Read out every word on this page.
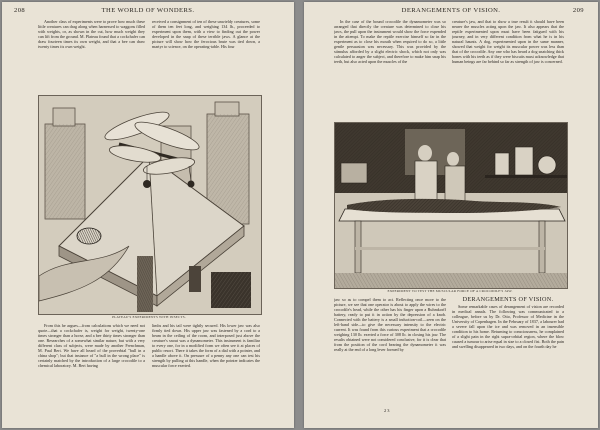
208	THE WORLD OF WONDERS.

Another class of experiments were to prove how much these little creatures can drag along when harnessed to waggons filled with weights, or, as shown in the cut, how much weight they can lift from the ground. M. Plateau found that a cockchafer can draw fourteen times its own weight, and that a bee can draw twenty times its own weight.

received a consignment of ten of these unwieldy creatures, some of them ten feet long, and weighing 134 lb., proceeded to experiment upon them, with a view to finding out the power developed in the snap of these terrible jaws. A glance at the picture will show how the ferocious brute was tied down, a martyr to science, on the operating-table. His four

PLATEAU'S EXPERIMENTS WITH INSECTS.

From this he argues—from calculations which we need not quote—that a cockchafer is, weight for weight, twenty-one times stronger than a horse, and a bee thirty times stronger than one. Researches of a somewhat similar nature, but with a very different class of subjects, were made by another Frenchman, M. Paul Bert. We have all heard of the proverbial "bull in a china shop"; but that instance of "a bull in the wrong place" is certainly matched by the introduction of a large crocodile to a chemical laboratory. M. Bert having

limbs and his tail were tightly secured. His lower jaw was also firmly tied down. His upper jaw was fastened by a cord to a beam in the ceiling of the room, and interposed just above the creature's snout was a dynamometer. This instrument is familiar to every one, for in a modified form we often see it at places of public resort. There it takes the form of a dial with a pointer, and a handle above it. On pressure of a penny any one can test his strength by pulling at this handle, when the pointer indicates the muscular force exerted.

DERANGEMENTS OF VISION.	209

In the case of the bound crocodile the dynamometer was so arranged that directly the creature was determined to close his jaws, the pull upon the instrument would show the force expended in the attempt. To make the reptile exercise himself so far in the experiment as to close his mouth when required to do so, a little gentle persuasion was necessary. This was provided by the stimulus afforded by a slight electric shock, which not only was calculated to anger the subject, and therefore to make him snap his teeth, but also acted upon the muscles of the

creature's jaw, and that to show a true result it should have been nearer the muscles acting upon the jaw. It also appears that the reptile experimented upon must have been fatigued with his journey, and in very different condition from what he is in his natural haunts. A dog, experimented upon in the same manner, showed that weight for weight its muscular power was less than that of the crocodile. Any one who has heard a dog snatching thick bones with his teeth as if they were biscuits must acknowledge that human beings are far behind so far as strength of jaw is concerned.

EXPERIMENT TO TEST THE MUSCULAR FORCE OF A CROCODILE'S JAW.

jaw so as to compel them to act. Reflecting once more to the picture, we see that one operator is about to apply the wires to the crocodile's head, while the other has his finger upon a Ruhmkorff battery, ready to put it in action by the depression of a knob. Connected with the battery is a small induction-coil—seen on the left-hand side—to give the necessary intensity to the electric current. It was found from this curious experiment that a crocodile weighing 130 lb. exerted a force of 308 lb. in closing his jaw. The results obtained were not considered conclusive, for it is clear that from the position of the cord bearing the dynamometer it was really at the end of a long lever formed by

2 3
DERANGEMENTS OF VISION.

Some remarkable cases of derangement of vision are recorded in medical annals. The following was communicated to a colleague, before us by Dr. Otto, Professor of Medicine in the University of Copenhagen. In the February of 1837, a labourer had a severe fall upon the ice and was removed in an insensible condition to his home. Returning to consciousness, he complained of a slight pain in the right supra-orbital region, where the blow caused a tumour to arise equal in size to a closed fist. Both the pain and swelling disappeared in two days, and on the fourth day he
